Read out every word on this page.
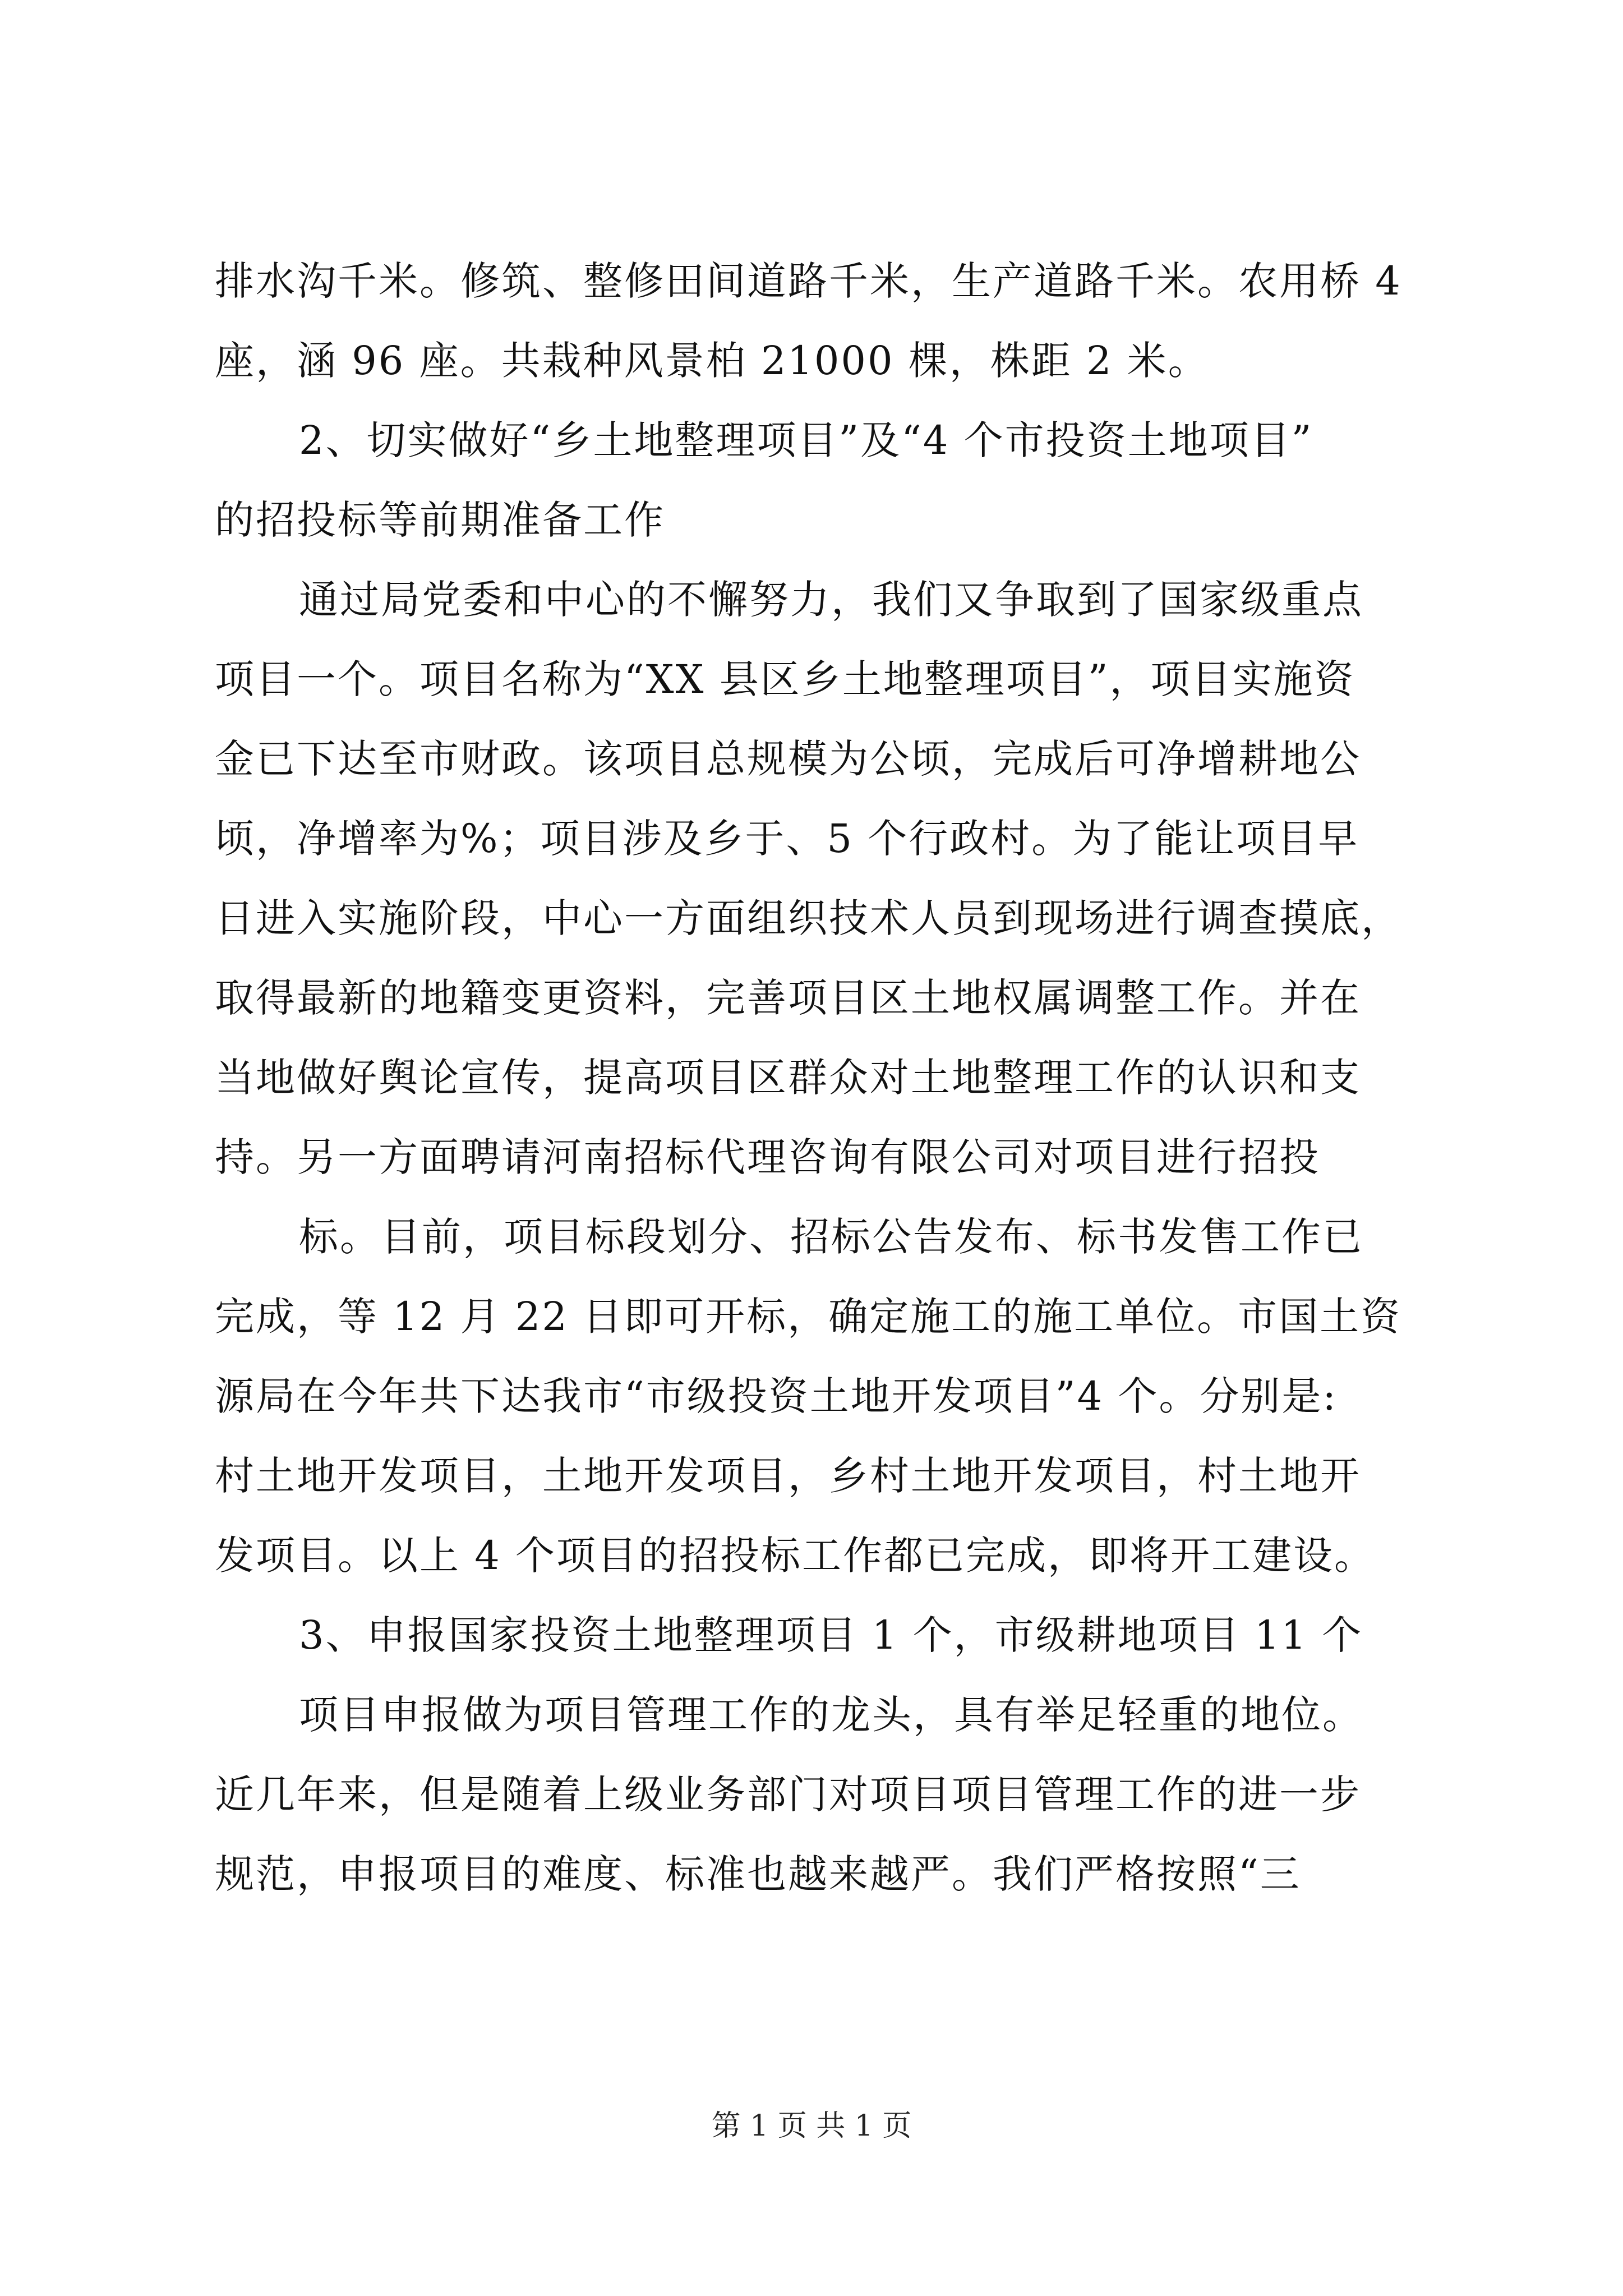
排水沟千米。修筑、整修田间道路千米，生产道路千米。农用桥 4
座，涵 96 座。共栽种风景柏 21000 棵，株距 2 米。
2、切实做好“乡土地整理项目”及“4 个市投资土地项目”
的招投标等前期准备工作
通过局党委和中心的不懈努力，我们又争取到了国家级重点
项目一个。项目名称为“XX 县区乡土地整理项目”，项目实施资
金已下达至市财政。该项目总规模为公顷，完成后可净增耕地公
顷，净增率为%；项目涉及乡于、5 个行政村。为了能让项目早
日进入实施阶段，中心一方面组织技术人员到现场进行调查摸底，
取得最新的地籍变更资料，完善项目区土地权属调整工作。并在
当地做好舆论宣传，提高项目区群众对土地整理工作的认识和支
持。另一方面聘请河南招标代理咨询有限公司对项目进行招投
标。目前，项目标段划分、招标公告发布、标书发售工作已
完成，等 12 月 22 日即可开标，确定施工的施工单位。市国土资
源局在今年共下达我市“市级投资土地开发项目”4 个。分别是:
村土地开发项目，土地开发项目，乡村土地开发项目，村土地开
发项目。以上 4 个项目的招投标工作都已完成，即将开工建设。
3、申报国家投资土地整理项目 1 个，市级耕地项目 11 个
项目申报做为项目管理工作的龙头，具有举足轻重的地位。
近几年来，但是随着上级业务部门对项目项目管理工作的进一步
规范，申报项目的难度、标准也越来越严。我们严格按照“三
第 1 页 共 1 页
